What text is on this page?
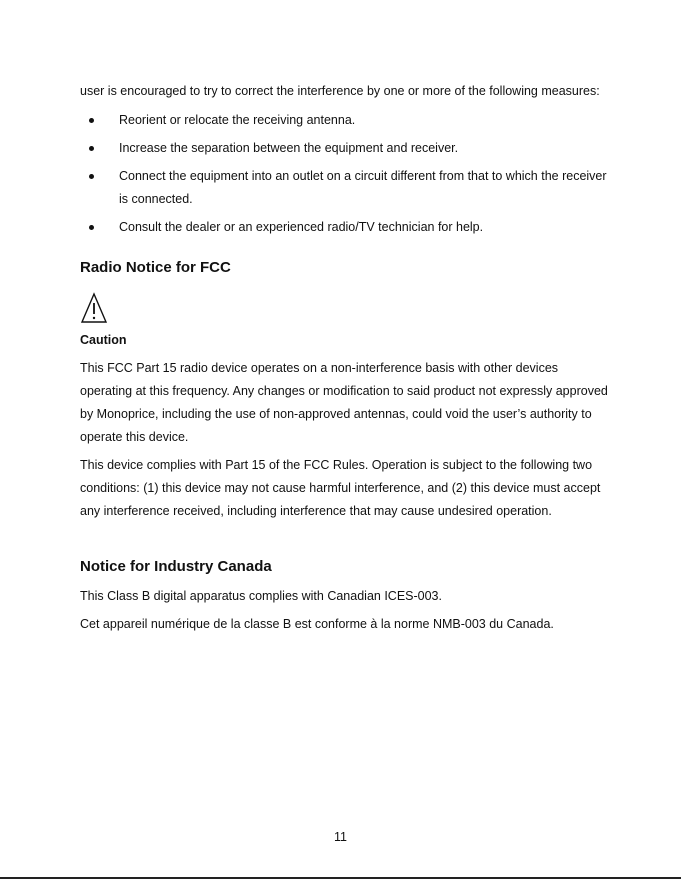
user is encouraged to try to correct the interference by one or more of the following measures:

Reorient or relocate the receiving antenna.
Increase the separation between the equipment and receiver.
Connect the equipment into an outlet on a circuit different from that to which the receiver is connected.
Consult the dealer or an experienced radio/TV technician for help.
Radio Notice for FCC
Caution

This FCC Part 15 radio device operates on a non-interference basis with other devices operating at this frequency. Any changes or modification to said product not expressly approved by Monoprice, including the use of non-approved antennas, could void the user’s authority to operate this device.

This device complies with Part 15 of the FCC Rules. Operation is subject to the following two conditions: (1) this device may not cause harmful interference, and (2) this device must accept any interference received, including interference that may cause undesired operation.

Notice for Industry Canada

This Class B digital apparatus complies with Canadian ICES-003.

Cet appareil numérique de la classe B est conforme à la norme NMB-003 du Canada.

11
